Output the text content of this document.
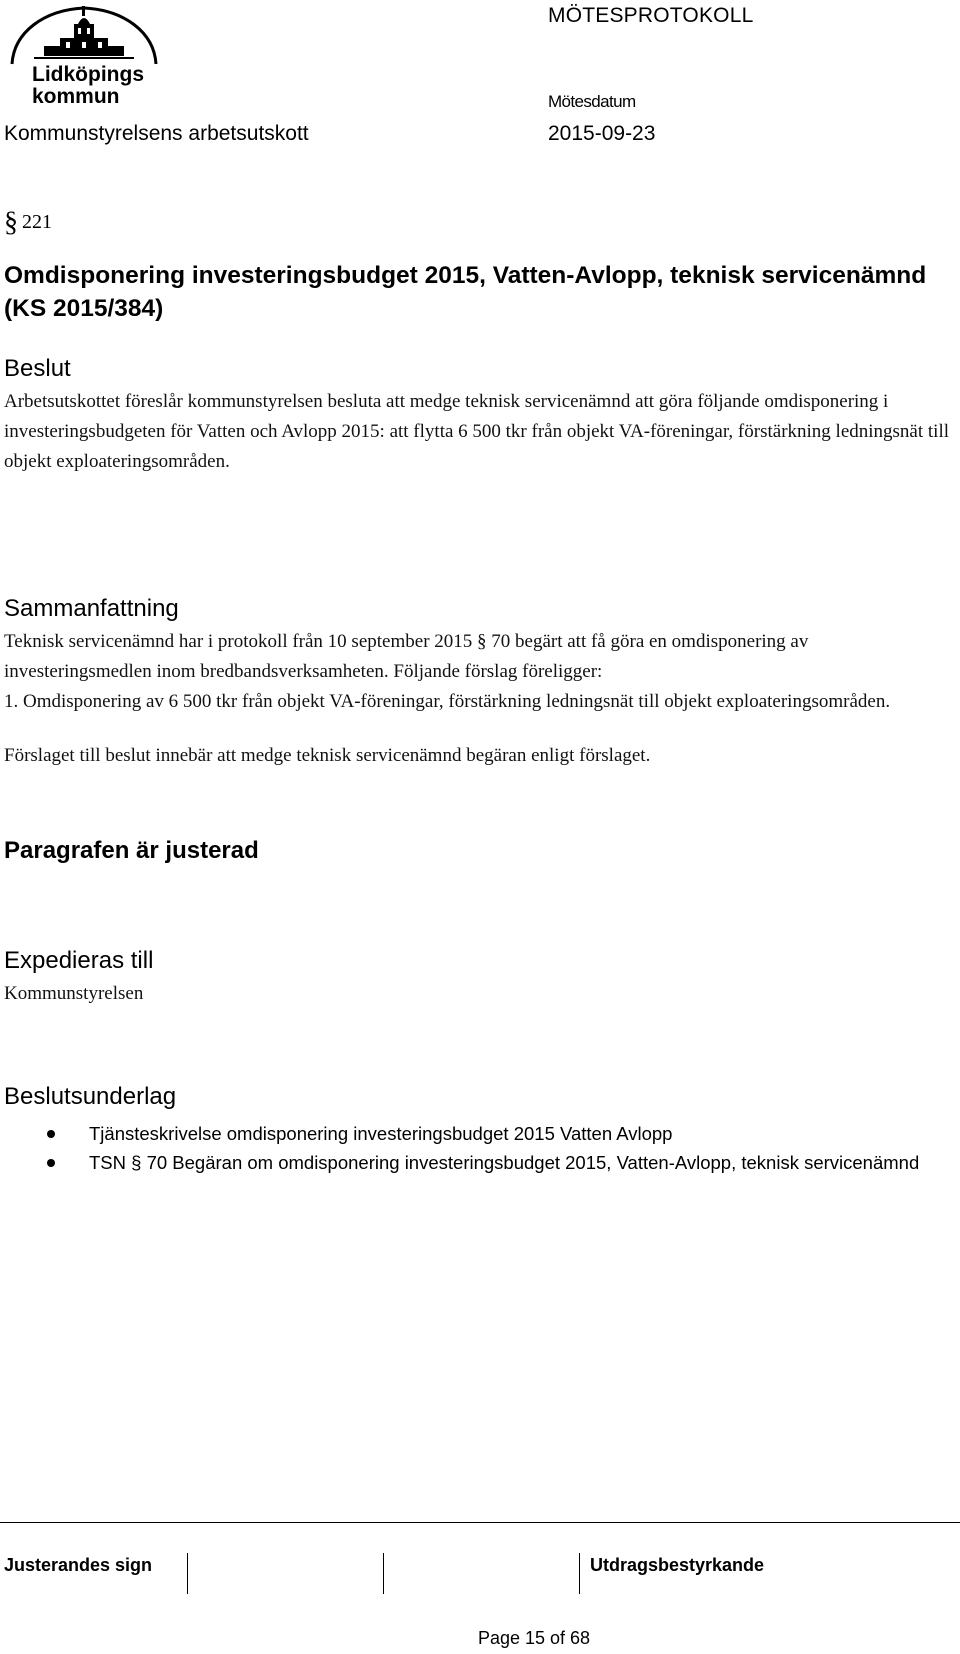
Lidköpings
kommun
MÖTESPROTOKOLL
Mötesdatum
Kommunstyrelsens arbetsutskott	2015-09-23
§ 221
Omdisponering investeringsbudget 2015, Vatten-Avlopp, teknisk servicenämnd (KS 2015/384)
Beslut

Arbetsutskottet föreslår kommunstyrelsen besluta att medge teknisk servicenämnd att göra följande omdisponering i investeringsbudgeten för Vatten och Avlopp 2015: att flytta 6 500 tkr från objekt VA-föreningar, förstärkning ledningsnät till objekt exploateringsområden.

Sammanfattning

Teknisk servicenämnd har i protokoll från 10 september 2015 § 70 begärt att få göra en omdisponering av investeringsmedlen inom bredbandsverksamheten. Följande förslag föreligger:

1. Omdisponering av 6 500 tkr från objekt VA-föreningar, förstärkning ledningsnät till objekt exploateringsområden.

Förslaget till beslut innebär att medge teknisk servicenämnd begäran enligt förslaget.

Paragrafen är justerad
Expedieras till
Kommunstyrelsen
Beslutsunderlag
Tjänsteskrivelse omdisponering investeringsbudget 2015 Vatten Avlopp
TSN § 70 Begäran om omdisponering investeringsbudget 2015, Vatten-Avlopp, teknisk servicenämnd
Justerandes sign	Utdragsbestyrkande
Page 15 of 68
